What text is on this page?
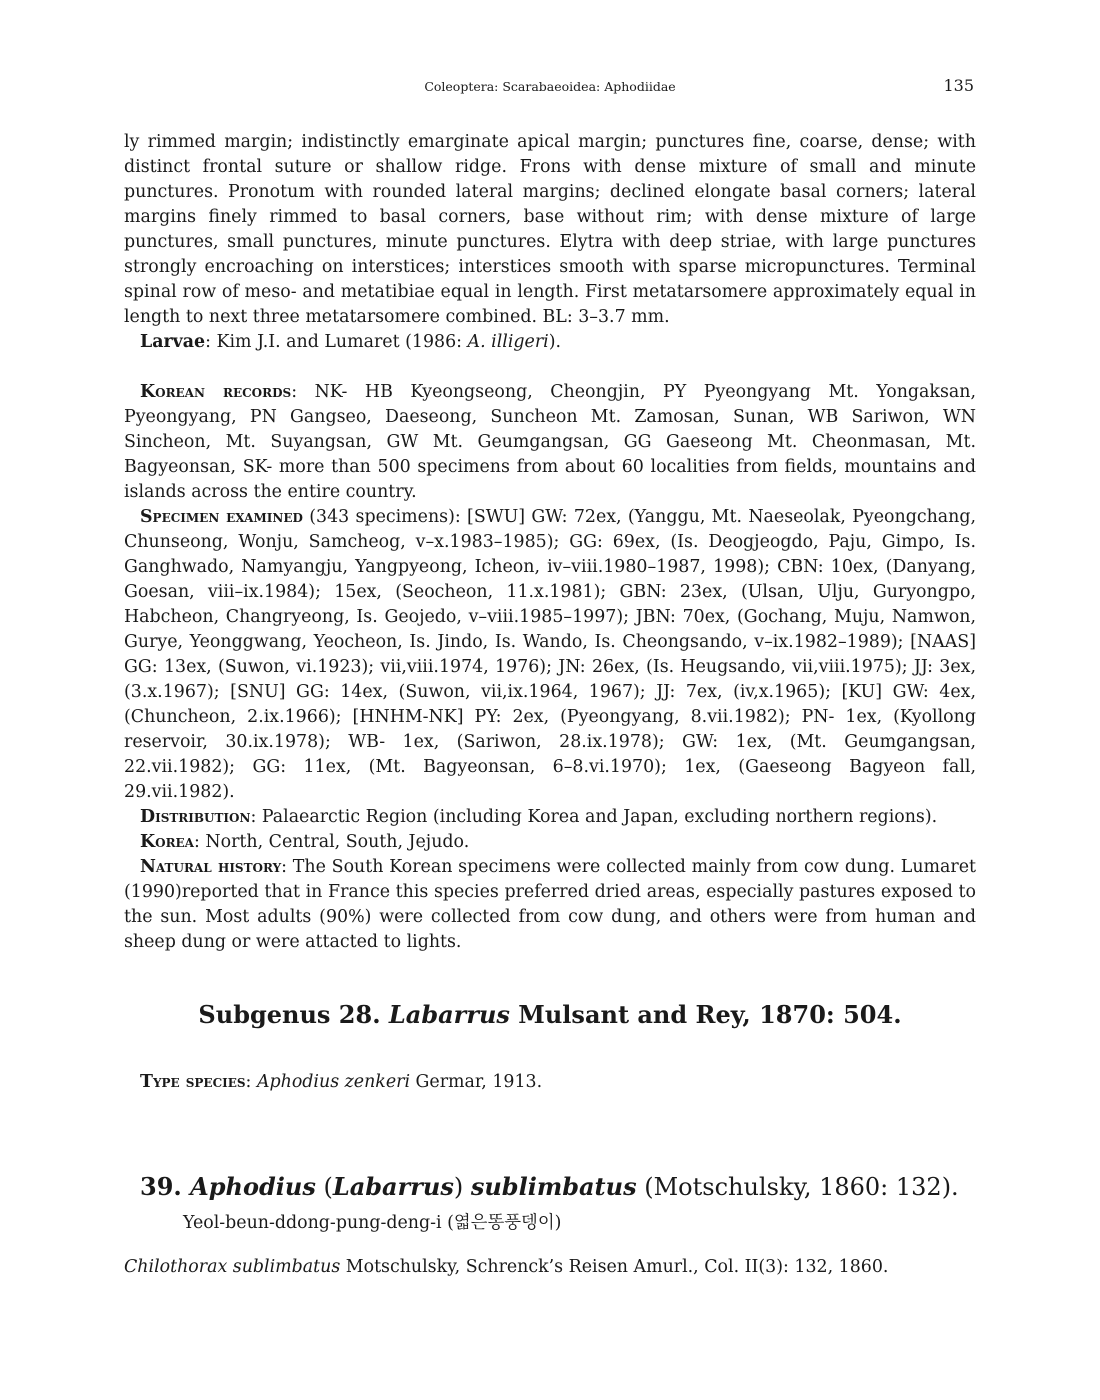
Coleoptera: Scarabaeoidea: Aphodiidae	135

ly rimmed margin; indistinctly emarginate apical margin; punctures fine, coarse, dense; with distinct frontal suture or shallow ridge. Frons with dense mixture of small and minute punctures. Pronotum with rounded lateral margins; declined elongate basal corners; lateral margins finely rimmed to basal corners, base without rim; with dense mixture of large punctures, small punctures, minute punctures. Elytra with deep striae, with large punctures strongly encroaching on interstices; interstices smooth with sparse micropunctures. Terminal spinal row of meso- and metatibiae equal in length. First metatarsomere approximately equal in length to next three metatarsomere combined. BL: 3–3.7 mm.

Larvae: Kim J.I. and Lumaret (1986: A. illigeri).

Korean records: NK- HB Kyeongseong, Cheongjin, PY Pyeongyang Mt. Yongaksan, Pyeongyang, PN Gangseo, Daeseong, Suncheon Mt. Zamosan, Sunan, WB Sariwon, WN Sincheon, Mt. Suyangsan, GW Mt. Geumgangsan, GG Gaeseong Mt. Cheonmasan, Mt. Bagyeonsan, SK- more than 500 specimens from about 60 localities from fields, mountains and islands across the entire country.

Specimen examined (343 specimens): [SWU] GW: 72ex, (Yanggu, Mt. Naeseolak, Pyeongchang, Chunseong, Wonju, Samcheog, v–x.1983–1985); GG: 69ex, (Is. Deogjeogdo, Paju, Gimpo, Is. Ganghwado, Namyangju, Yangpyeong, Icheon, iv–viii.1980–1987, 1998); CBN: 10ex, (Danyang, Goesan, viii–ix.1984); 15ex, (Seocheon, 11.x.1981); GBN: 23ex, (Ulsan, Ulju, Guryongpo, Habcheon, Changryeong, Is. Geojedo, v–viii.1985–1997); JBN: 70ex, (Gochang, Muju, Namwon, Gurye, Yeonggwang, Yeocheon, Is. Jindo, Is. Wando, Is. Cheongsando, v–ix.1982–1989); [NAAS] GG: 13ex, (Suwon, vi.1923); vii,viii.1974, 1976); JN: 26ex, (Is. Heugsando, vii,viii.1975); JJ: 3ex, (3.x.1967); [SNU] GG: 14ex, (Suwon, vii,ix.1964, 1967); JJ: 7ex, (iv,x.1965); [KU] GW: 4ex, (Chuncheon, 2.ix.1966); [HNHM-NK] PY: 2ex, (Pyeongyang, 8.vii.1982); PN- 1ex, (Kyollong reservoir, 30.ix.1978); WB- 1ex, (Sariwon, 28.ix.1978); GW: 1ex, (Mt. Geumgangsan, 22.vii.1982); GG: 11ex, (Mt. Bagyeonsan, 6–8.vi.1970); 1ex, (Gaeseong Bagyeon fall, 29.vii.1982).

Distribution: Palaearctic Region (including Korea and Japan, excluding northern regions).

Korea: North, Central, South, Jejudo.

Natural history: The South Korean specimens were collected mainly from cow dung. Lumaret (1990)reported that in France this species preferred dried areas, especially pastures exposed to the sun. Most adults (90%) were collected from cow dung, and others were from human and sheep dung or were attacted to lights.

Subgenus 28. Labarrus Mulsant and Rey, 1870: 504.
Type species: Aphodius zenkeri Germar, 1913.
39. Aphodius (Labarrus) sublimbatus (Motschulsky, 1860: 132).
Yeol-beun-ddong-pung-deng-i (엷은똥풍뎅이)
Chilothorax sublimbatus Motschulsky, Schrenck’s Reisen Amurl., Col. II(3): 132, 1860.
